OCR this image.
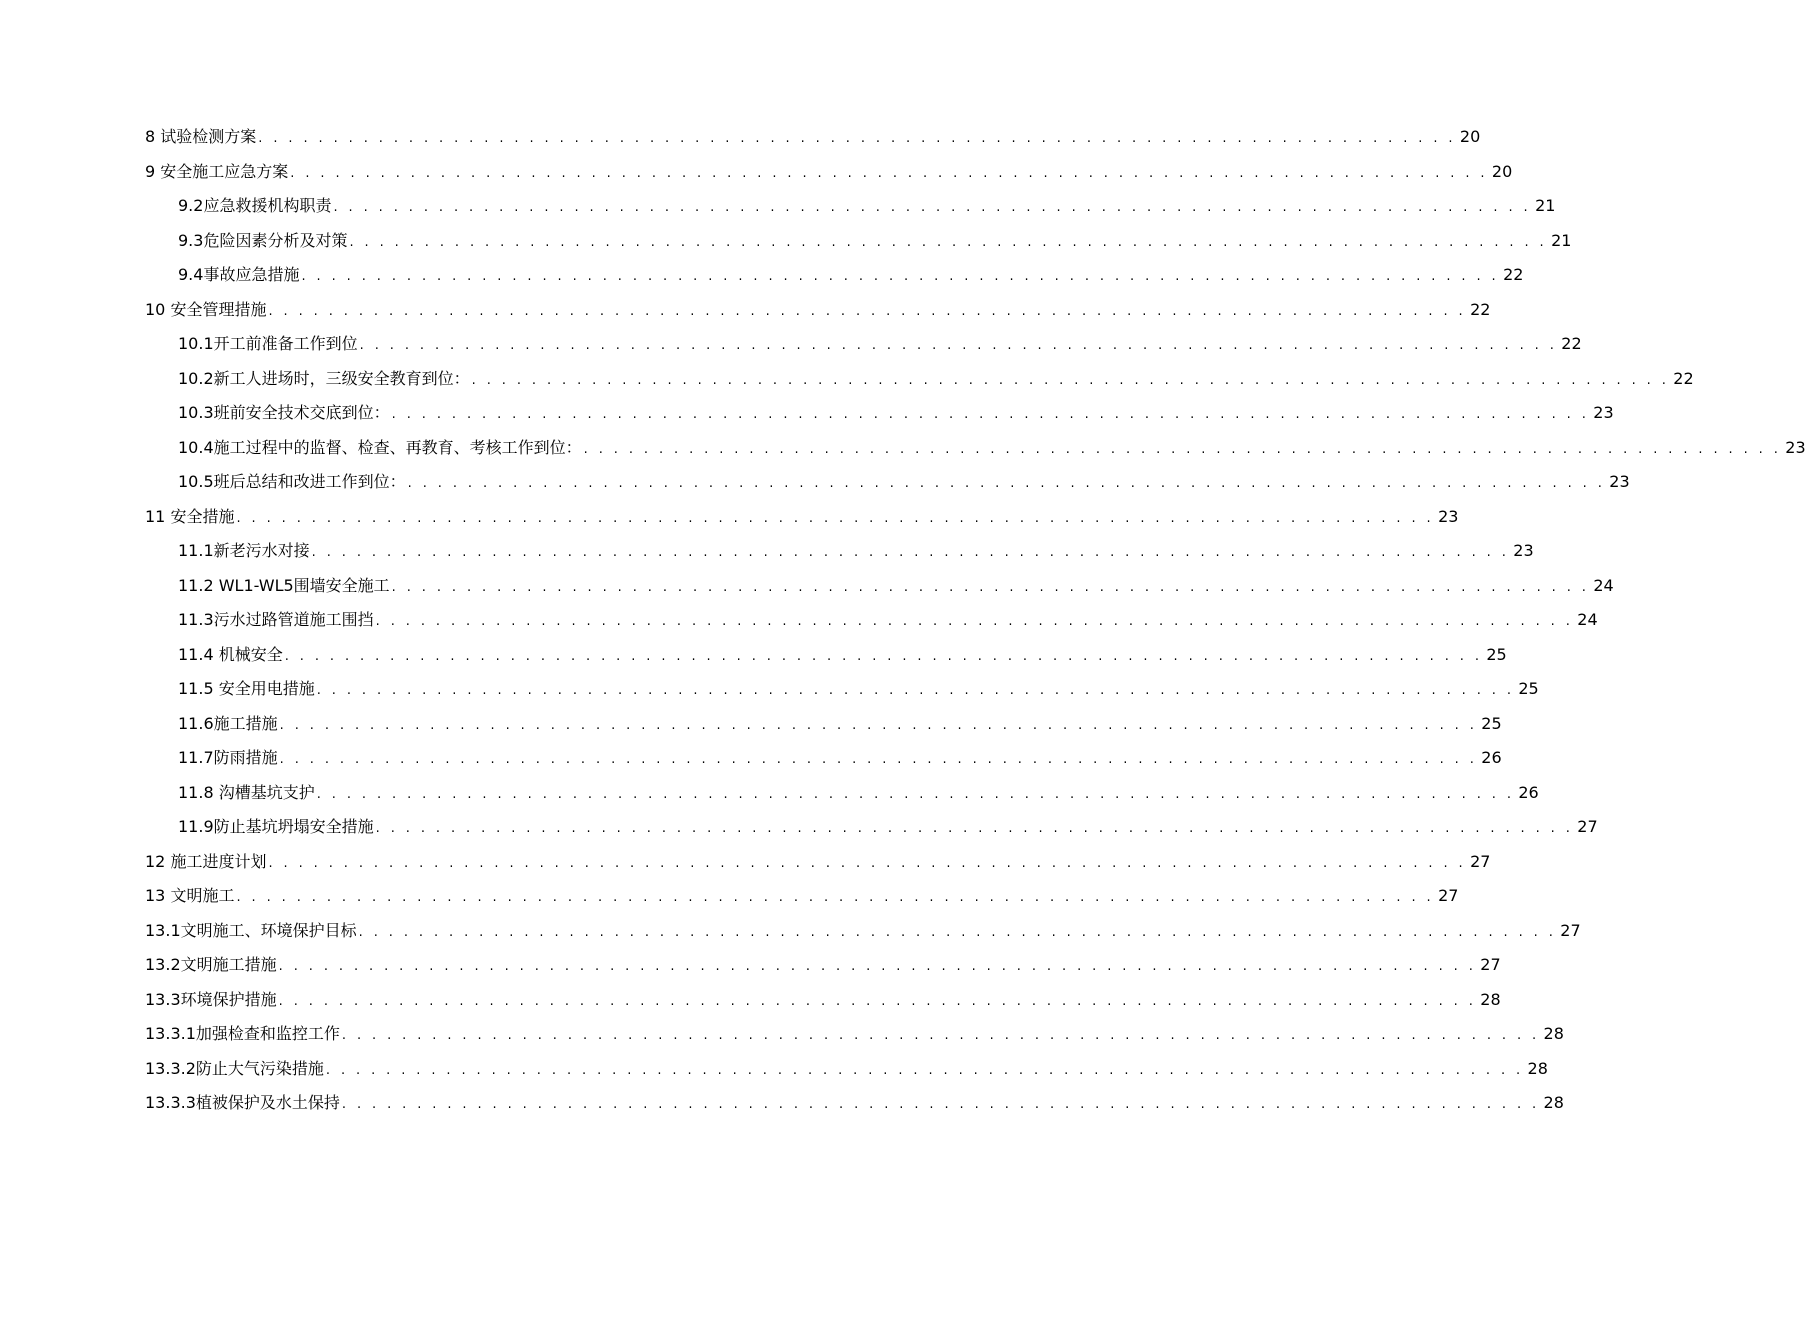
8 试验检测方案 . . . . . . . . . . . . . . . . . . . . . . . . . . . . . . . . . . . . . . . . . . . . . . . . . . . . . . . . . . . . . . . . . . . . . . . . . . . . . . . . 20
9 安全施工应急方案 . . . . . . . . . . . . . . . . . . . . . . . . . . . . . . . . . . . . . . . . . . . . . . . . . . . . . . . . . . . . . . . . . . . . . . . . . . . . . . . . 20
9.2应急救援机构职责 . . . . . . . . . . . . . . . . . . . . . . . . . . . . . . . . . . . . . . . . . . . . . . . . . . . . . . . . . . . . . . . . . . . . . . . . . . . . . . . . 21
9.3危险因素分析及对策 . . . . . . . . . . . . . . . . . . . . . . . . . . . . . . . . . . . . . . . . . . . . . . . . . . . . . . . . . . . . . . . . . . . . . . . . . . . . . . . . 21
9.4事故应急措施 . . . . . . . . . . . . . . . . . . . . . . . . . . . . . . . . . . . . . . . . . . . . . . . . . . . . . . . . . . . . . . . . . . . . . . . . . . . . . . . . 22
10 安全管理措施 . . . . . . . . . . . . . . . . . . . . . . . . . . . . . . . . . . . . . . . . . . . . . . . . . . . . . . . . . . . . . . . . . . . . . . . . . . . . . . . . 22
10.1开工前准备工作到位 . . . . . . . . . . . . . . . . . . . . . . . . . . . . . . . . . . . . . . . . . . . . . . . . . . . . . . . . . . . . . . . . . . . . . . . . . . . . . . . . 22
10.2新工人进场时，三级安全教育到位： . . . . . . . . . . . . . . . . . . . . . . . . . . . . . . . . . . . . . . . . . . . . . . . . . . . . . . . . . . . . . . . . . . . . . . . . . . . . . . . . 22
10.3班前安全技术交底到位： . . . . . . . . . . . . . . . . . . . . . . . . . . . . . . . . . . . . . . . . . . . . . . . . . . . . . . . . . . . . . . . . . . . . . . . . . . . . . . . . 23
10.4施工过程中的监督、检查、再教育、考核工作到位： . . . . . . . . . . . . . . . . . . . . . . . . . . . . . . . . . . . . . . . . . . . . . . . . . . . . . . . . . . . . . . . . . . . . . . . . . . . . . . . . 23
10.5班后总结和改进工作到位： . . . . . . . . . . . . . . . . . . . . . . . . . . . . . . . . . . . . . . . . . . . . . . . . . . . . . . . . . . . . . . . . . . . . . . . . . . . . . . . . 23
11 安全措施 . . . . . . . . . . . . . . . . . . . . . . . . . . . . . . . . . . . . . . . . . . . . . . . . . . . . . . . . . . . . . . . . . . . . . . . . . . . . . . . . 23
11.1新老污水对接 . . . . . . . . . . . . . . . . . . . . . . . . . . . . . . . . . . . . . . . . . . . . . . . . . . . . . . . . . . . . . . . . . . . . . . . . . . . . . . . . 23
11.2 WL1-WL5围墙安全施工 . . . . . . . . . . . . . . . . . . . . . . . . . . . . . . . . . . . . . . . . . . . . . . . . . . . . . . . . . . . . . . . . . . . . . . . . . . . . . . . . 24
11.3污水过路管道施工围挡 . . . . . . . . . . . . . . . . . . . . . . . . . . . . . . . . . . . . . . . . . . . . . . . . . . . . . . . . . . . . . . . . . . . . . . . . . . . . . . . . 24
11.4 机械安全 . . . . . . . . . . . . . . . . . . . . . . . . . . . . . . . . . . . . . . . . . . . . . . . . . . . . . . . . . . . . . . . . . . . . . . . . . . . . . . . . 25
11.5 安全用电措施 . . . . . . . . . . . . . . . . . . . . . . . . . . . . . . . . . . . . . . . . . . . . . . . . . . . . . . . . . . . . . . . . . . . . . . . . . . . . . . . . 25
11.6施工措施 . . . . . . . . . . . . . . . . . . . . . . . . . . . . . . . . . . . . . . . . . . . . . . . . . . . . . . . . . . . . . . . . . . . . . . . . . . . . . . . . 25
11.7防雨措施 . . . . . . . . . . . . . . . . . . . . . . . . . . . . . . . . . . . . . . . . . . . . . . . . . . . . . . . . . . . . . . . . . . . . . . . . . . . . . . . . 26
11.8 沟槽基坑支护 . . . . . . . . . . . . . . . . . . . . . . . . . . . . . . . . . . . . . . . . . . . . . . . . . . . . . . . . . . . . . . . . . . . . . . . . . . . . . . . . 26
11.9防止基坑坍塌安全措施 . . . . . . . . . . . . . . . . . . . . . . . . . . . . . . . . . . . . . . . . . . . . . . . . . . . . . . . . . . . . . . . . . . . . . . . . . . . . . . . . 27
12 施工进度计划 . . . . . . . . . . . . . . . . . . . . . . . . . . . . . . . . . . . . . . . . . . . . . . . . . . . . . . . . . . . . . . . . . . . . . . . . . . . . . . . . 27
13 文明施工 . . . . . . . . . . . . . . . . . . . . . . . . . . . . . . . . . . . . . . . . . . . . . . . . . . . . . . . . . . . . . . . . . . . . . . . . . . . . . . . . 27
13.1文明施工、环境保护目标 . . . . . . . . . . . . . . . . . . . . . . . . . . . . . . . . . . . . . . . . . . . . . . . . . . . . . . . . . . . . . . . . . . . . . . . . . . . . . . . . 27
13.2文明施工措施 . . . . . . . . . . . . . . . . . . . . . . . . . . . . . . . . . . . . . . . . . . . . . . . . . . . . . . . . . . . . . . . . . . . . . . . . . . . . . . . . 27
13.3环境保护措施 . . . . . . . . . . . . . . . . . . . . . . . . . . . . . . . . . . . . . . . . . . . . . . . . . . . . . . . . . . . . . . . . . . . . . . . . . . . . . . . . 28
13.3.1加强检查和监控工作 . . . . . . . . . . . . . . . . . . . . . . . . . . . . . . . . . . . . . . . . . . . . . . . . . . . . . . . . . . . . . . . . . . . . . . . . . . . . . . . . 28
13.3.2防止大气污染措施 . . . . . . . . . . . . . . . . . . . . . . . . . . . . . . . . . . . . . . . . . . . . . . . . . . . . . . . . . . . . . . . . . . . . . . . . . . . . . . . . 28
13.3.3植被保护及水土保持 . . . . . . . . . . . . . . . . . . . . . . . . . . . . . . . . . . . . . . . . . . . . . . . . . . . . . . . . . . . . . . . . . . . . . . . . . . . . . . . . 28
